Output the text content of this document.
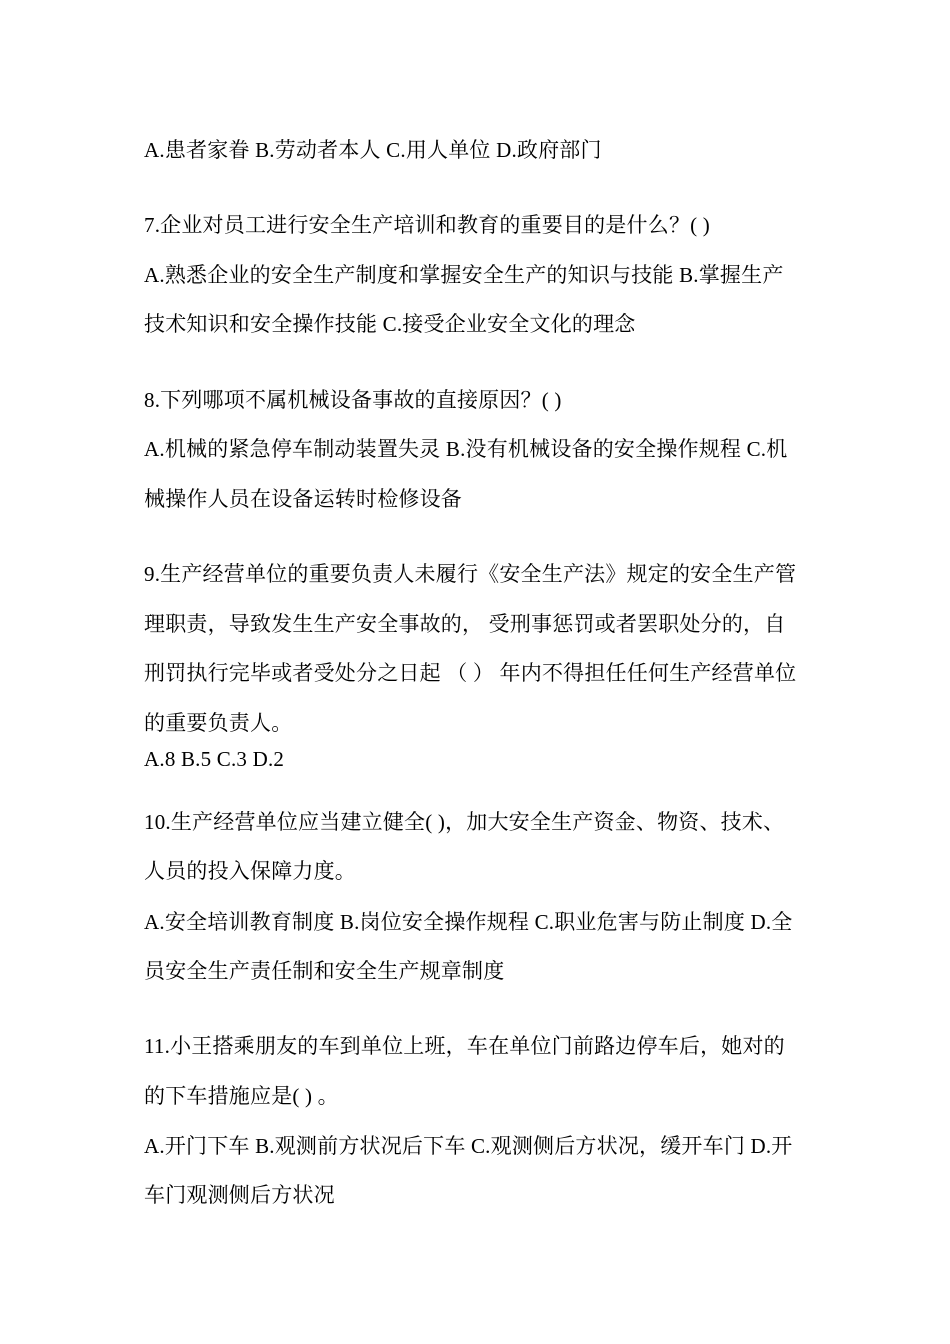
A.患者家眷 B.劳动者本人 C.用人单位 D.政府部门
7.企业对员工进行安全生产培训和教育的重要目的是什么？( )
A.熟悉企业的安全生产制度和掌握安全生产的知识与技能 B.掌握生产
技术知识和安全操作技能 C.接受企业安全文化的理念
8.下列哪项不属机械设备事故的直接原因？( )
A.机械的紧急停车制动装置失灵 B.没有机械设备的安全操作规程 C.机
械操作人员在设备运转时检修设备
9.生产经营单位的重要负责人未履行《安全生产法》规定的安全生产管
理职责，导致发生生产安全事故的， 受刑事惩罚或者罢职处分的，自
刑罚执行完毕或者受处分之日起 （ ） 年内不得担任任何生产经营单位
的重要负责人。
A.8 B.5 C.3 D.2
10.生产经营单位应当建立健全( )，加大安全生产资金、物资、技术、
人员的投入保障力度。
A.安全培训教育制度 B.岗位安全操作规程 C.职业危害与防止制度 D.全
员安全生产责任制和安全生产规章制度
11.小王搭乘朋友的车到单位上班，车在单位门前路边停车后，她对的
的下车措施应是( ) 。
A.开门下车 B.观测前方状况后下车 C.观测侧后方状况，缓开车门 D.开
车门观测侧后方状况
